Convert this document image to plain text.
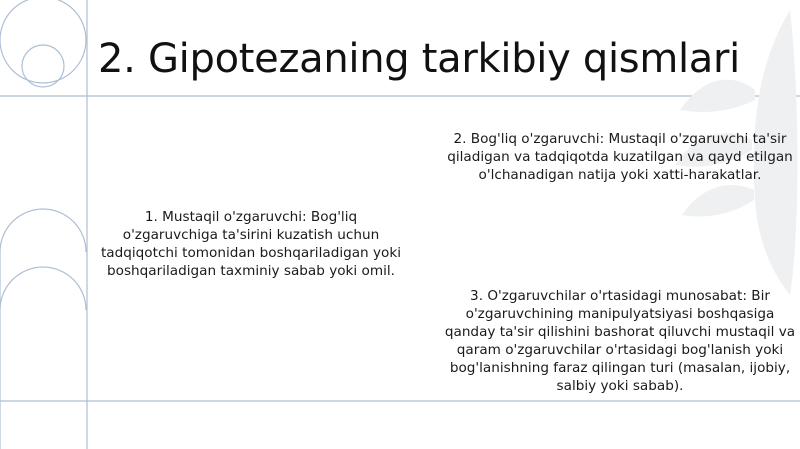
2. Gipotezaning tarkibiy qismlari
1. Mustaqil o'zgaruvchi: Bog'liq o'zgaruvchiga ta'sirini kuzatish uchun tadqiqotchi tomonidan boshqariladigan yoki boshqariladigan taxminiy sabab yoki omil.
2. Bog'liq o'zgaruvchi: Mustaqil o'zgaruvchi ta'sir qiladigan va tadqiqotda kuzatilgan va qayd etilgan o'lchanadigan natija yoki xatti-harakatlar.
3. O'zgaruvchilar o'rtasidagi munosabat: Bir o'zgaruvchining manipulyatsiyasi boshqasiga qanday ta'sir qilishini bashorat qiluvchi mustaqil va qaram o'zgaruvchilar o'rtasidagi bog'lanish yoki bog'lanishning faraz qilingan turi (masalan, ijobiy, salbiy yoki sabab).
